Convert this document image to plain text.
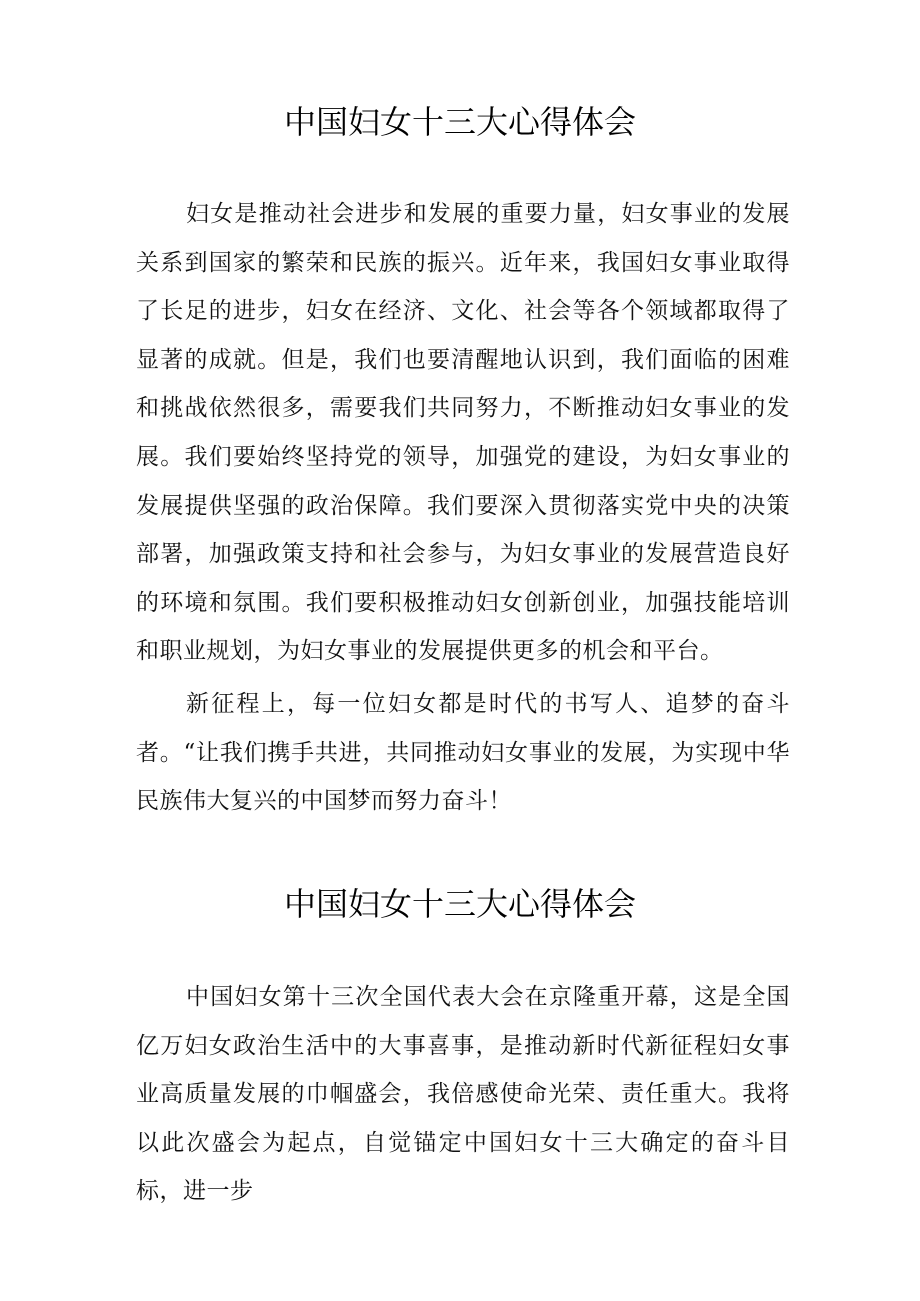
中国妇女十三大心得体会

妇女是推动社会进步和发展的重要力量，妇女事业的发展关系到国家的繁荣和民族的振兴。近年来，我国妇女事业取得了长足的进步，妇女在经济、文化、社会等各个领域都取得了显著的成就。但是，我们也要清醒地认识到，我们面临的困难和挑战依然很多，需要我们共同努力，不断推动妇女事业的发展。我们要始终坚持党的领导，加强党的建设，为妇女事业的发展提供坚强的政治保障。我们要深入贯彻落实党中央的决策部署，加强政策支持和社会参与，为妇女事业的发展营造良好的环境和氛围。我们要积极推动妇女创新创业，加强技能培训和职业规划，为妇女事业的发展提供更多的机会和平台。

新征程上，每一位妇女都是时代的书写人、追梦的奋斗者。“让我们携手共进，共同推动妇女事业的发展，为实现中华民族伟大复兴的中国梦而努力奋斗！

中国妇女十三大心得体会

中国妇女第十三次全国代表大会在京隆重开幕，这是全国亿万妇女政治生活中的大事喜事，是推动新时代新征程妇女事业高质量发展的巾帼盛会，我倍感使命光荣、责任重大。我将以此次盛会为起点，自觉锚定中国妇女十三大确定的奋斗目标，进一步
